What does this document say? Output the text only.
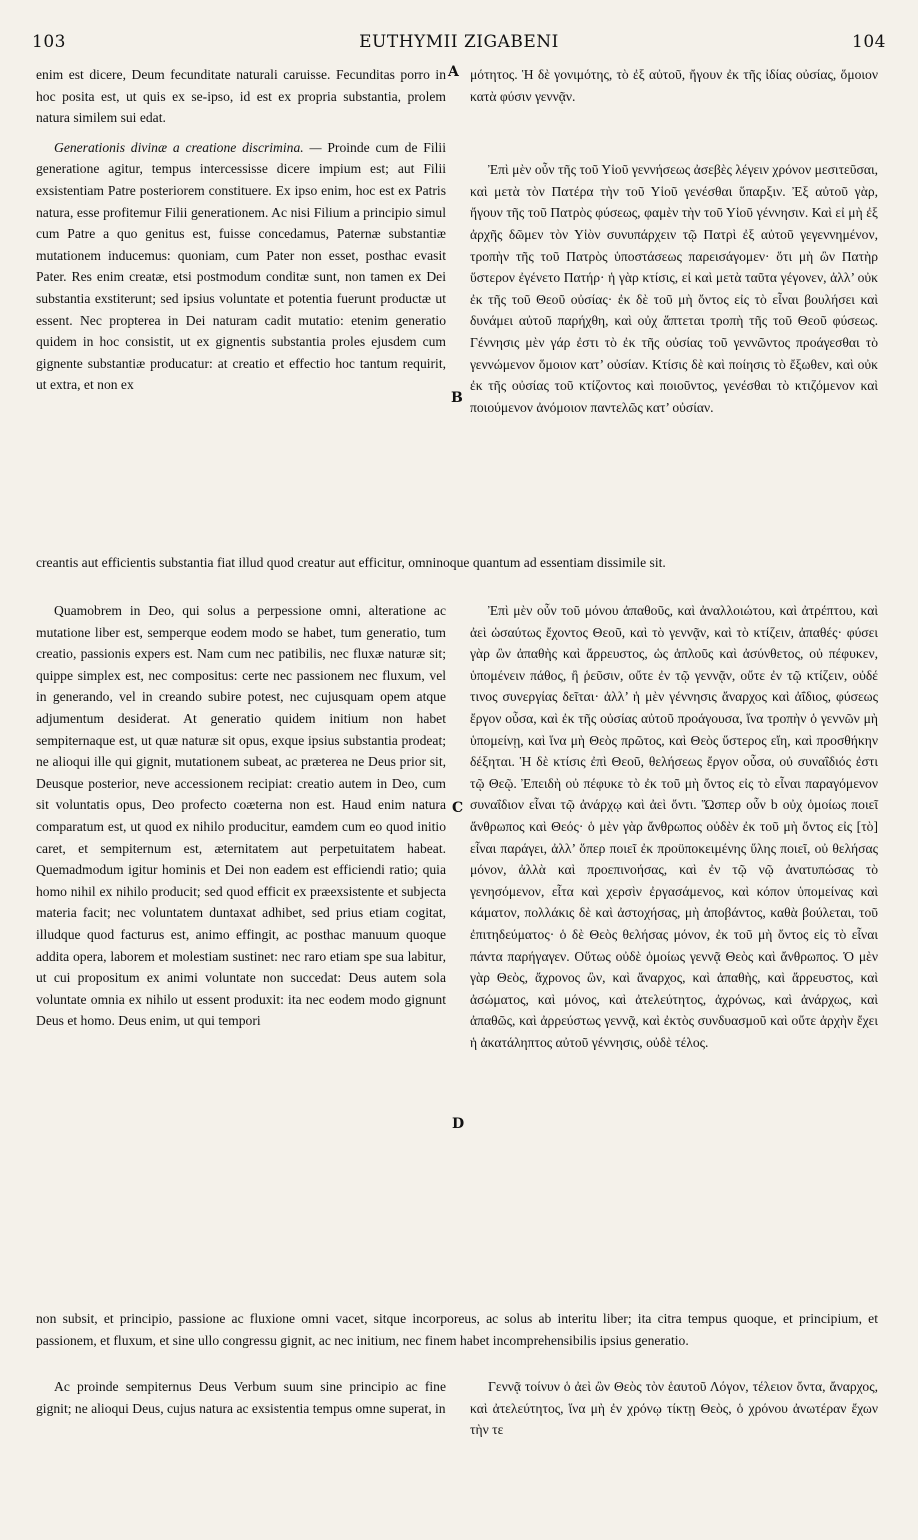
103	EUTHYMII ZIGABENI	104

enim est dicere, Deum fecunditate naturali caruisse. Fecunditas porro in hoc posita est, ut quis ex se-ipso, id est ex propria substantia, prolem natura similem sui edat.

Generationis divinæ a creatione discrimina. — Proinde cum de Filii generatione agitur, tempus intercessisse dicere impium est; aut Filii exsistentiam Patre posteriorem constituere. Ex ipso enim, hoc est ex Patris natura, esse profitemur Filii generationem. Ac nisi Filium a principio simul cum Patre a quo genitus est, fuisse concedamus, Paternæ substantiæ mutationem inducemus: quoniam, cum Pater non esset, posthac evasit Pater. Res enim creatæ, etsi postmodum conditæ sunt, non tamen ex Dei substantia exstiterunt; sed ipsius voluntate et potentia fuerunt productæ ut essent. Nec propterea in Dei naturam cadit mutatio: etenim generatio quidem in hoc consistit, ut ex gignentis substantia proles ejusdem cum gignente substantiæ producatur: at creatio et effectio hoc tantum requirit, ut extra, et non ex

A μότητος. Ἡ δὲ γονιμότης, τὸ ἐξ αὐτοῦ, ἤγουν ἐκ τῆς ἰδίας οὐσίας, ὅμοιον κατὰ φύσιν γεννᾷν.

Ἐπὶ μὲν οὖν τῆς τοῦ Υἱοῦ γεννήσεως ἀσεβὲς λέγειν χρόνον μεσιτεῦσαι, καὶ μετὰ τὸν Πατέρα τὴν τοῦ Υἱοῦ γενέσθαι ὕπαρξιν. Ἐξ αὐτοῦ γὰρ, ἤγουν τῆς τοῦ Πατρὸς φύσεως, φαμὲν τὴν τοῦ Υἱοῦ γέννησιν. Καὶ εἰ μὴ ἐξ ἀρχῆς δῶμεν τὸν Υἱὸν συνυπάρχειν τῷ Πατρὶ ἐξ αὐτοῦ γεγεννημένον, τροπὴν τῆς τοῦ Πατρὸς ὑποστάσεως παρεισάγομεν· ὅτι μὴ ὢν Πατὴρ ὕστερον ἐγένετο Πατήρ· ἡ γὰρ κτίσις, εἰ καὶ μετὰ ταῦτα γέγονεν, ἀλλ’ οὐκ ἐκ τῆς τοῦ Θεοῦ οὐσίας· ἐκ δὲ τοῦ μὴ ὄντος εἰς τὸ εἶναι βουλήσει καὶ δυνάμει αὐτοῦ παρήχθη, καὶ οὐχ ἅπτεται τροπὴ τῆς τοῦ Θεοῦ φύσεως. Γέννησις μὲν γάρ ἐστι τὸ ἐκ τῆς οὐσίας τοῦ γεννῶντος προάγεσθαι τὸ γεννώμενον ὅμοιον κατ’ οὐσίαν. Κτίσις δὲ καὶ ποίησις τὸ ἔξωθεν, καὶ οὐκ ἐκ τῆς οὐσίας τοῦ κτίζοντος καὶ ποιοῦντος, γενέσθαι τὸ κτιζόμενον καὶ ποιούμενον ἀνόμοιον παντελῶς κατ’ οὐσίαν.

B
creantis aut efficientis substantia fiat illud quod creatur aut efficitur, omninoque quantum ad essentiam dissimile sit.

Quamobrem in Deo, qui solus a perpessione omni, alteratione ac mutatione liber est, semperque eodem modo se habet, tum generatio, tum creatio, passionis expers est. Nam cum nec patibilis, nec fluxæ naturæ sit; quippe simplex est, nec compositus: certe nec passionem nec fluxum, vel in generando, vel in creando subire potest, nec cujusquam opem atque adjumentum desiderat. At generatio quidem initium non habet sempiternaque est, ut quæ naturæ sit opus, exque ipsius substantia prodeat; ne alioqui ille qui gignit, mutationem subeat, ac præterea ne Deus prior sit, Deusque posterior, neve accessionem recipiat: creatio autem in Deo, cum sit voluntatis opus, Deo profecto coæterna non est. Haud enim natura comparatum est, ut quod ex nihilo producitur, eamdem cum eo quod initio caret, et sempiternum est, æternitatem aut perpetuitatem habeat. Quemadmodum igitur hominis et Dei non eadem est efficiendi ratio; quia homo nihil ex nihilo producit; sed quod efficit ex præexsistente et subjecta materia facit; nec voluntatem duntaxat adhibet, sed prius etiam cogitat, illudque quod facturus est, animo effingit, ac posthac manuum quoque addita opera, laborem et molestiam sustinet: nec raro etiam spe sua labitur, ut cui propositum ex animi voluntate non succedat: Deus autem sola voluntate omnia ex nihilo ut essent produxit: ita nec eodem modo gignunt Deus et homo. Deus enim, ut qui tempori

C

Ἐπὶ μὲν οὖν τοῦ μόνου ἀπαθοῦς, καὶ ἀναλλοιώτου, καὶ ἀτρέπτου, καὶ ἀεὶ ὡσαύτως ἔχοντος Θεοῦ, καὶ τὸ γεννᾷν, καὶ τὸ κτίζειν, ἀπαθές· φύσει γὰρ ὢν ἀπαθὴς καὶ ἄρρευστος, ὡς ἁπλοῦς καὶ ἀσύνθετος, οὐ πέφυκεν, ὑπομένειν πάθος, ἢ ῥεῦσιν, οὔτε ἐν τῷ γεννᾷν, οὔτε ἐν τῷ κτίζειν, οὐδέ τινος συνεργίας δεῖται· ἀλλ’ ἡ μὲν γέννησις ἄναρχος καὶ ἀΐδιος, φύσεως ἔργον οὖσα, καὶ ἐκ τῆς οὐσίας αὐτοῦ προάγουσα, ἵνα τροπὴν ὁ γεννῶν μὴ ὑπομείνῃ, καὶ ἵνα μὴ Θεὸς πρῶτος, καὶ Θεὸς ὕστερος εἴη, καὶ προσθήκην δέξηται. Ἡ δὲ κτίσις ἐπὶ Θεοῦ, θελήσεως ἔργον οὖσα, οὐ συναΐδιός ἐστι τῷ Θεῷ. Ἐπειδὴ οὐ πέφυκε τὸ ἐκ τοῦ μὴ ὄντος εἰς τὸ εἶναι παραγόμενον συναΐδιον εἶναι τῷ ἀνάρχῳ καὶ ἀεὶ ὄντι. Ὥσπερ οὖν b οὐχ ὁμοίως ποιεῖ ἄνθρωπος καὶ Θεός· ὁ μὲν γὰρ ἄνθρωπος οὐδὲν ἐκ τοῦ μὴ ὄντος εἰς [τὸ] εἶναι παράγει, ἀλλ’ ὅπερ ποιεῖ ἐκ προϋποκειμένης ὕλης ποιεῖ, οὐ θελήσας μόνον, ἀλλὰ καὶ προεπινοήσας, καὶ ἐν τῷ νῷ ἀνατυπώσας τὸ γενησόμενον, εἶτα καὶ χερσὶν ἐργασάμενος, καὶ κόπον ὑπομείνας καὶ κάματον, πολλάκις δὲ καὶ ἀστοχήσας, μὴ ἀποβάντος, καθὰ βούλεται, τοῦ ἐπιτηδεύματος· ὁ δὲ Θεὸς θελήσας μόνον, ἐκ τοῦ μὴ ὄντος εἰς τὸ εἶναι πάντα παρήγαγεν. Οὕτως οὐδὲ ὁμοίως γεννᾷ Θεὸς καὶ ἄνθρωπος. Ὁ μὲν γὰρ Θεὸς, ἄχρονος ὢν, καὶ ἄναρχος, καὶ ἀπαθὴς, καὶ ἄρρευστος, καὶ ἀσώματος, καὶ μόνος, καὶ ἀτελεύτητος, ἀχρόνως, καὶ ἀνάρχως, καὶ ἀπαθῶς, καὶ ἀρρεύστως γεννᾷ, καὶ ἐκτὸς συνδυασμοῦ καὶ οὔτε ἀρχὴν ἔχει ἡ ἀκατάληπτος αὐτοῦ γέννησις, οὐδὲ τέλος.

D
non subsit, et principio, passione ac fluxione omni vacet, sitque incorporeus, ac solus ab interitu liber; ita citra tempus quoque, et principium, et passionem, et fluxum, et sine ullo congressu gignit, ac nec initium, nec finem habet incomprehensibilis ipsius generatio.

Ac proinde sempiternus Deus Verbum suum sine principio ac fine gignit; ne alioqui Deus, cujus natura ac exsistentia tempus omne superat, in

Γεννᾷ τοίνυν ὁ ἀεὶ ὢν Θεὸς τὸν ἑαυτοῦ Λόγον, τέλειον ὄντα, ἄναρχος, καὶ ἀτελεύτητος, ἵνα μὴ ἐν χρόνῳ τίκτῃ Θεὸς, ὁ χρόνου ἀνωτέραν ἔχων τὴν τε
